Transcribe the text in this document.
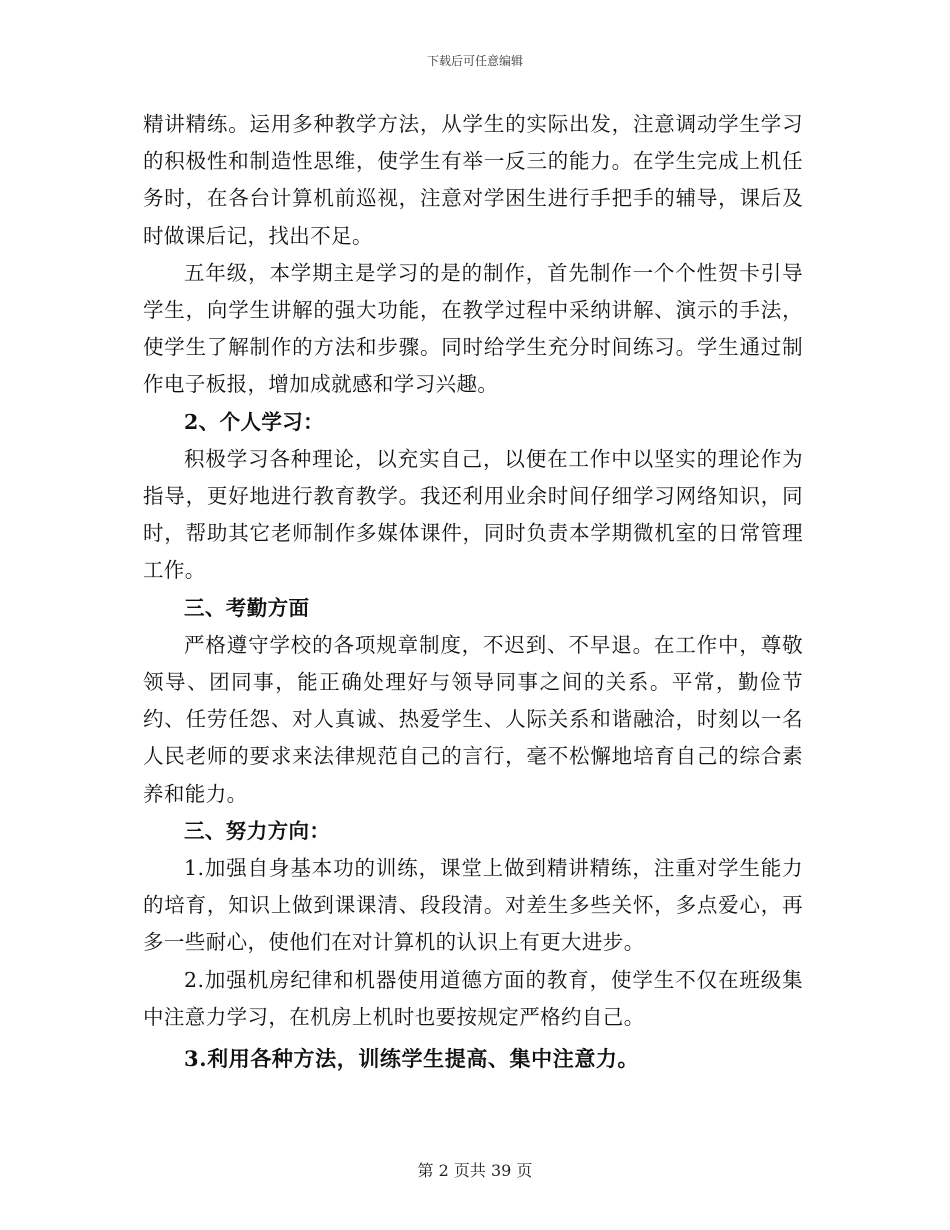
下载后可任意编辑

精讲精练。运用多种教学方法，从学生的实际出发，注意调动学生学习的积极性和制造性思维，使学生有举一反三的能力。在学生完成上机任务时，在各台计算机前巡视，注意对学困生进行手把手的辅导，课后及时做课后记，找出不足。

五年级，本学期主是学习的是的制作，首先制作一个个性贺卡引导学生，向学生讲解的强大功能，在教学过程中采纳讲解、演示的手法，使学生了解制作的方法和步骤。同时给学生充分时间练习。学生通过制作电子板报，增加成就感和学习兴趣。

2、个人学习：

积极学习各种理论，以充实自己，以便在工作中以坚实的理论作为指导，更好地进行教育教学。我还利用业余时间仔细学习网络知识，同时，帮助其它老师制作多媒体课件，同时负责本学期微机室的日常管理工作。

三、考勤方面

严格遵守学校的各项规章制度，不迟到、不早退。在工作中，尊敬领导、团同事，能正确处理好与领导同事之间的关系。平常，勤俭节约、任劳任怨、对人真诚、热爱学生、人际关系和谐融洽，时刻以一名人民老师的要求来法律规范自己的言行，毫不松懈地培育自己的综合素养和能力。

三、努力方向：

1.加强自身基本功的训练，课堂上做到精讲精练，注重对学生能力的培育，知识上做到课课清、段段清。对差生多些关怀，多点爱心，再多一些耐心，使他们在对计算机的认识上有更大进步。

2.加强机房纪律和机器使用道德方面的教育，使学生不仅在班级集中注意力学习，在机房上机时也要按规定严格约自己。

3.利用各种方法，训练学生提高、集中注意力。

第 2 页共 39 页
